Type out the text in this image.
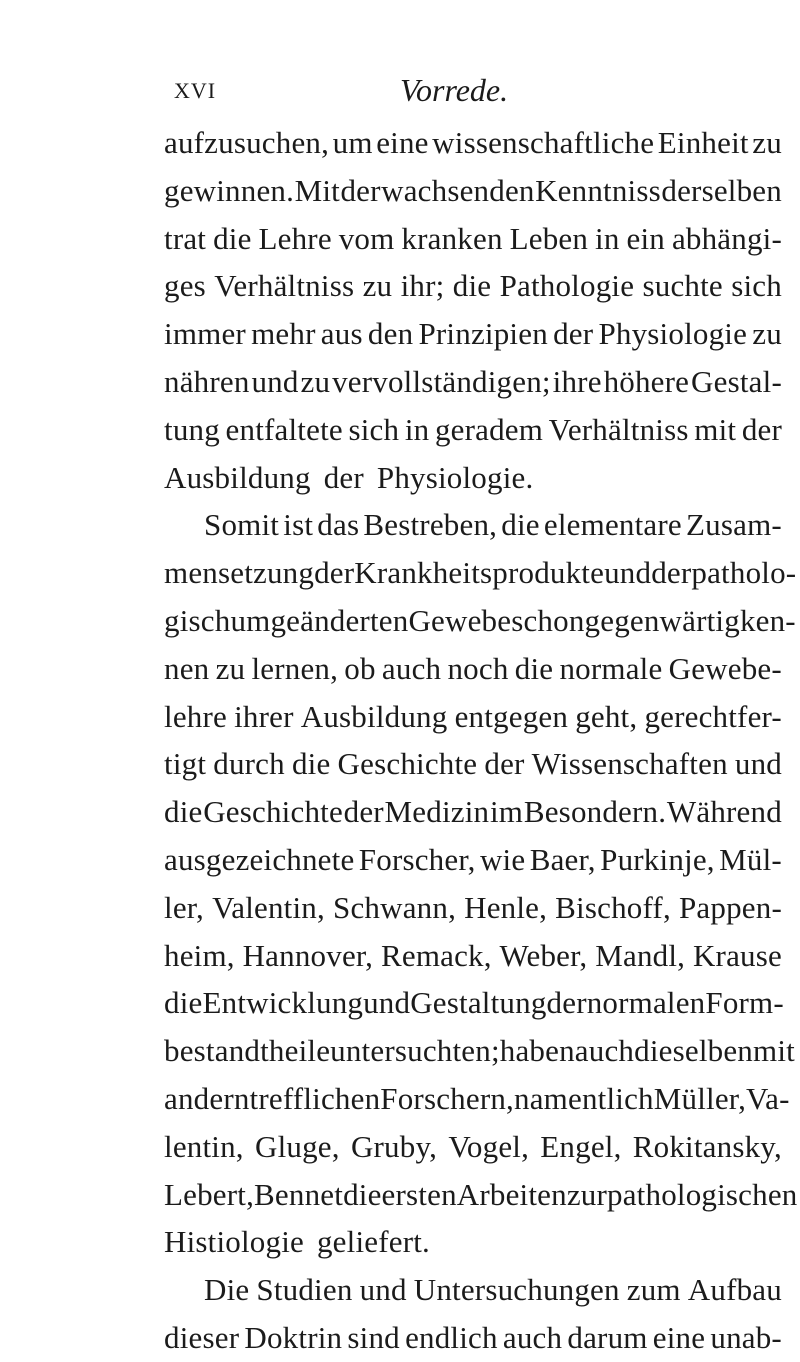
XVI	Vorrede.
aufzusuchen, um eine wissenschaftliche Einheit zu
gewinnen. Mit der wachsenden Kenntniss derselben
trat die Lehre vom kranken Leben in ein abhängi-
ges Verhältniss zu ihr; die Pathologie suchte sich
immer mehr aus den Prinzipien der Physiologie zu
nähren und zu vervollständigen; ihre höhere Gestal-
tung entfaltete sich in geradem Verhältniss mit der
Ausbildung der Physiologie.
Somit ist das Bestreben, die elementare Zusam-
mensetzung der Krankheitsprodukte und der patholo-
gisch umgeänderten Gewebe schon gegenwärtig ken-
nen zu lernen, ob auch noch die normale Gewebe-
lehre ihrer Ausbildung entgegen geht, gerechtfer-
tigt durch die Geschichte der Wissenschaften und
die Geschichte der Medizin im Besondern. Während
ausgezeichnete Forscher, wie Baer, Purkinje, Mül-
ler, Valentin, Schwann, Henle, Bischoff, Pappen-
heim, Hannover, Remack, Weber, Mandl, Krause
die Entwicklung und Gestaltung der normalen Form-
bestandtheile untersuchten; haben auch dieselben mit
andern trefflichen Forschern, namentlich Müller, Va-
lentin, Gluge, Gruby, Vogel, Engel, Rokitansky,
Lebert, Bennet die ersten Arbeiten zur pathologischen
Histiologie geliefert.
Die Studien und Untersuchungen zum Aufbau
dieser Doktrin sind endlich auch darum eine unab-
